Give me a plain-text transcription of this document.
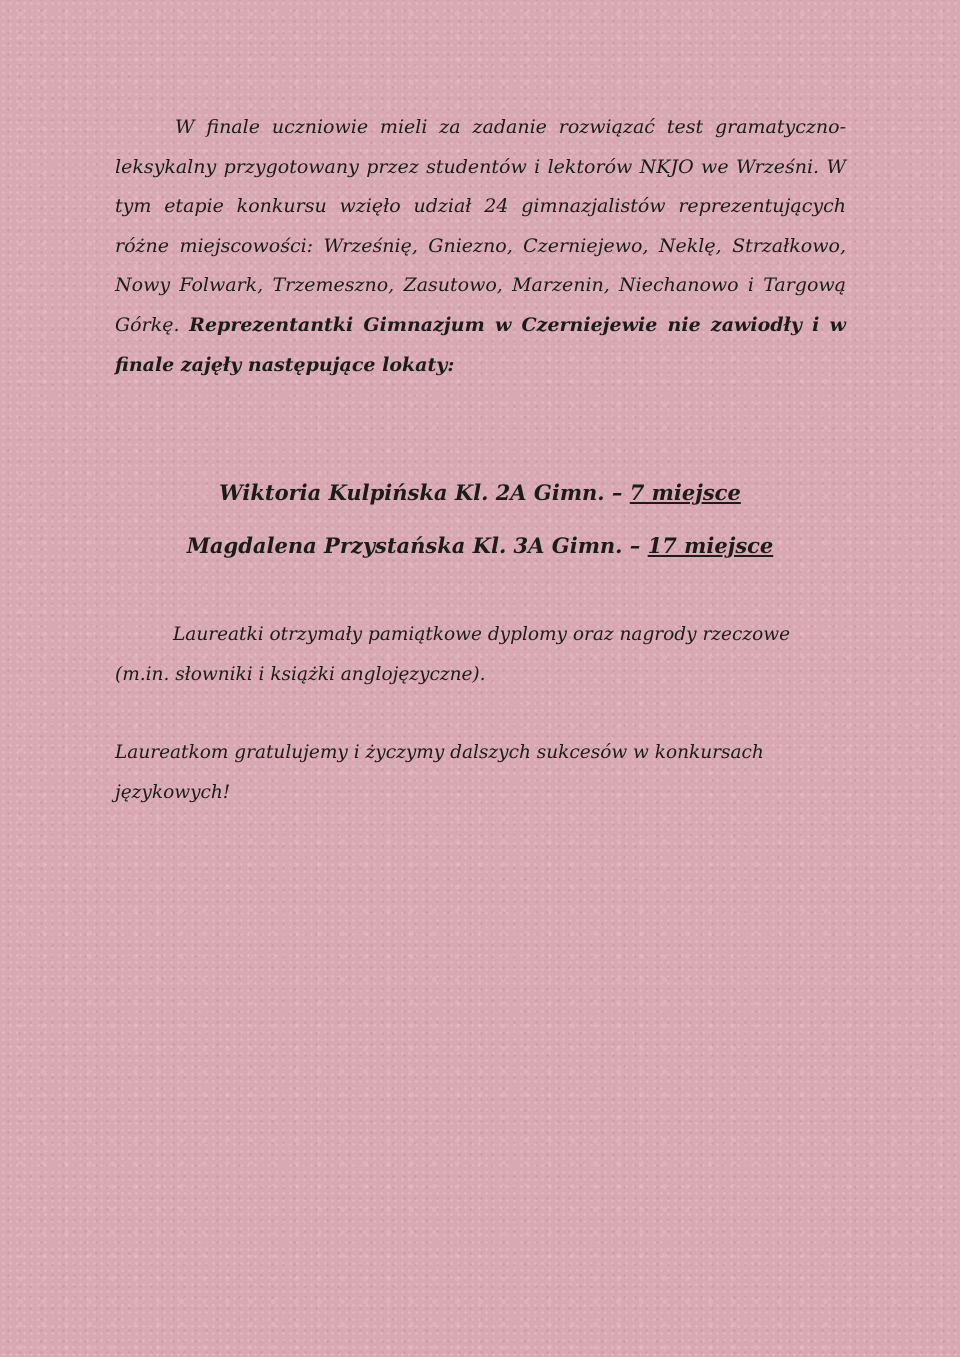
W finale uczniowie mieli za zadanie rozwiązać test gramatyczno-leksykalny przygotowany przez studentów i lektorów NKJO we Wrześni. W tym etapie konkursu wzięło udział 24 gimnazjalistów reprezentujących różne miejscowości: Wrześnię, Gniezno, Czerniejewo, Neklę, Strzałkowo, Nowy Folwark, Trzemeszno, Zasutowo, Marzenin, Niechanowo i Targową Górkę. Reprezentantki Gimnazjum w Czerniejewie nie zawiodły i w finale zajęły następujące lokaty:

Wiktoria Kulpińska Kl. 2A Gimn. – 7 miejsce
Magdalena Przystańska Kl. 3A Gimn. – 17 miejsce

Laureatki otrzymały pamiątkowe dyplomy oraz nagrody rzeczowe (m.in. słowniki i książki anglojęzyczne).

Laureatkom gratulujemy i życzymy dalszych sukcesów w konkursach językowych!
